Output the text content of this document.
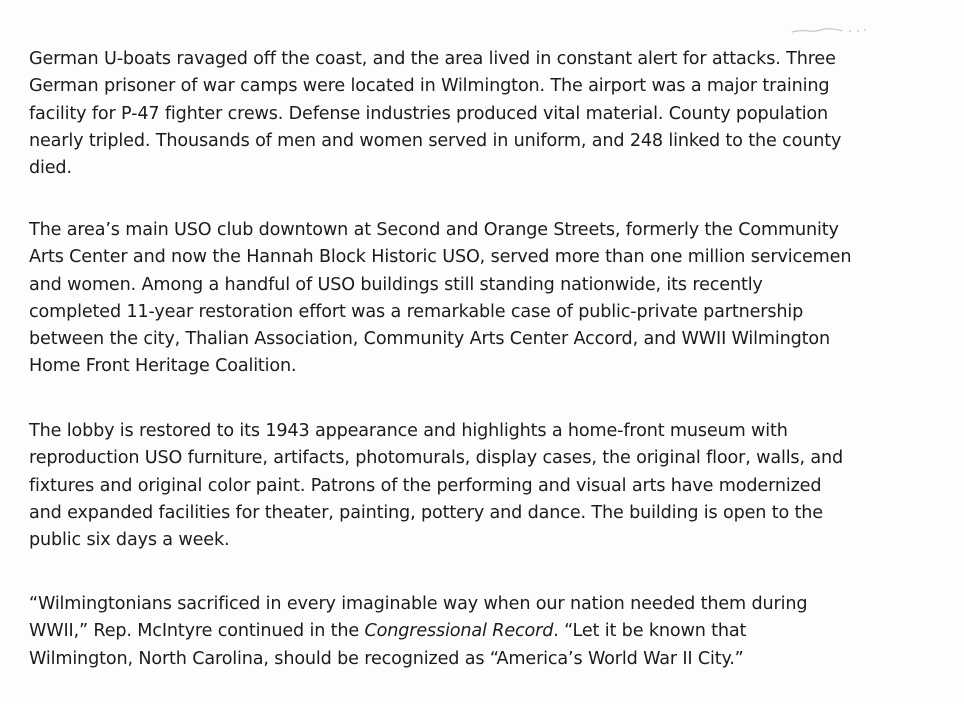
German U-boats ravaged off the coast, and the area lived in constant alert for attacks. Three
German prisoner of war camps were located in Wilmington. The airport was a major training
facility for P-47 fighter crews. Defense industries produced vital material. County population
nearly tripled. Thousands of men and women served in uniform, and 248 linked to the county
died.

The area’s main USO club downtown at Second and Orange Streets, formerly the Community
Arts Center and now the Hannah Block Historic USO, served more than one million servicemen
and women. Among a handful of USO buildings still standing nationwide, its recently
completed 11-year restoration effort was a remarkable case of public-private partnership
between the city, Thalian Association, Community Arts Center Accord, and WWII Wilmington
Home Front Heritage Coalition.

The lobby is restored to its 1943 appearance and highlights a home-front museum with
reproduction USO furniture, artifacts, photomurals, display cases, the original floor, walls, and
fixtures and original color paint. Patrons of the performing and visual arts have modernized
and expanded facilities for theater, painting, pottery and dance. The building is open to the
public six days a week.

“Wilmingtonians sacrificed in every imaginable way when our nation needed them during
WWII,” Rep. McIntyre continued in the Congressional Record. “Let it be known that
Wilmington, North Carolina, should be recognized as “America’s World War II City.”
